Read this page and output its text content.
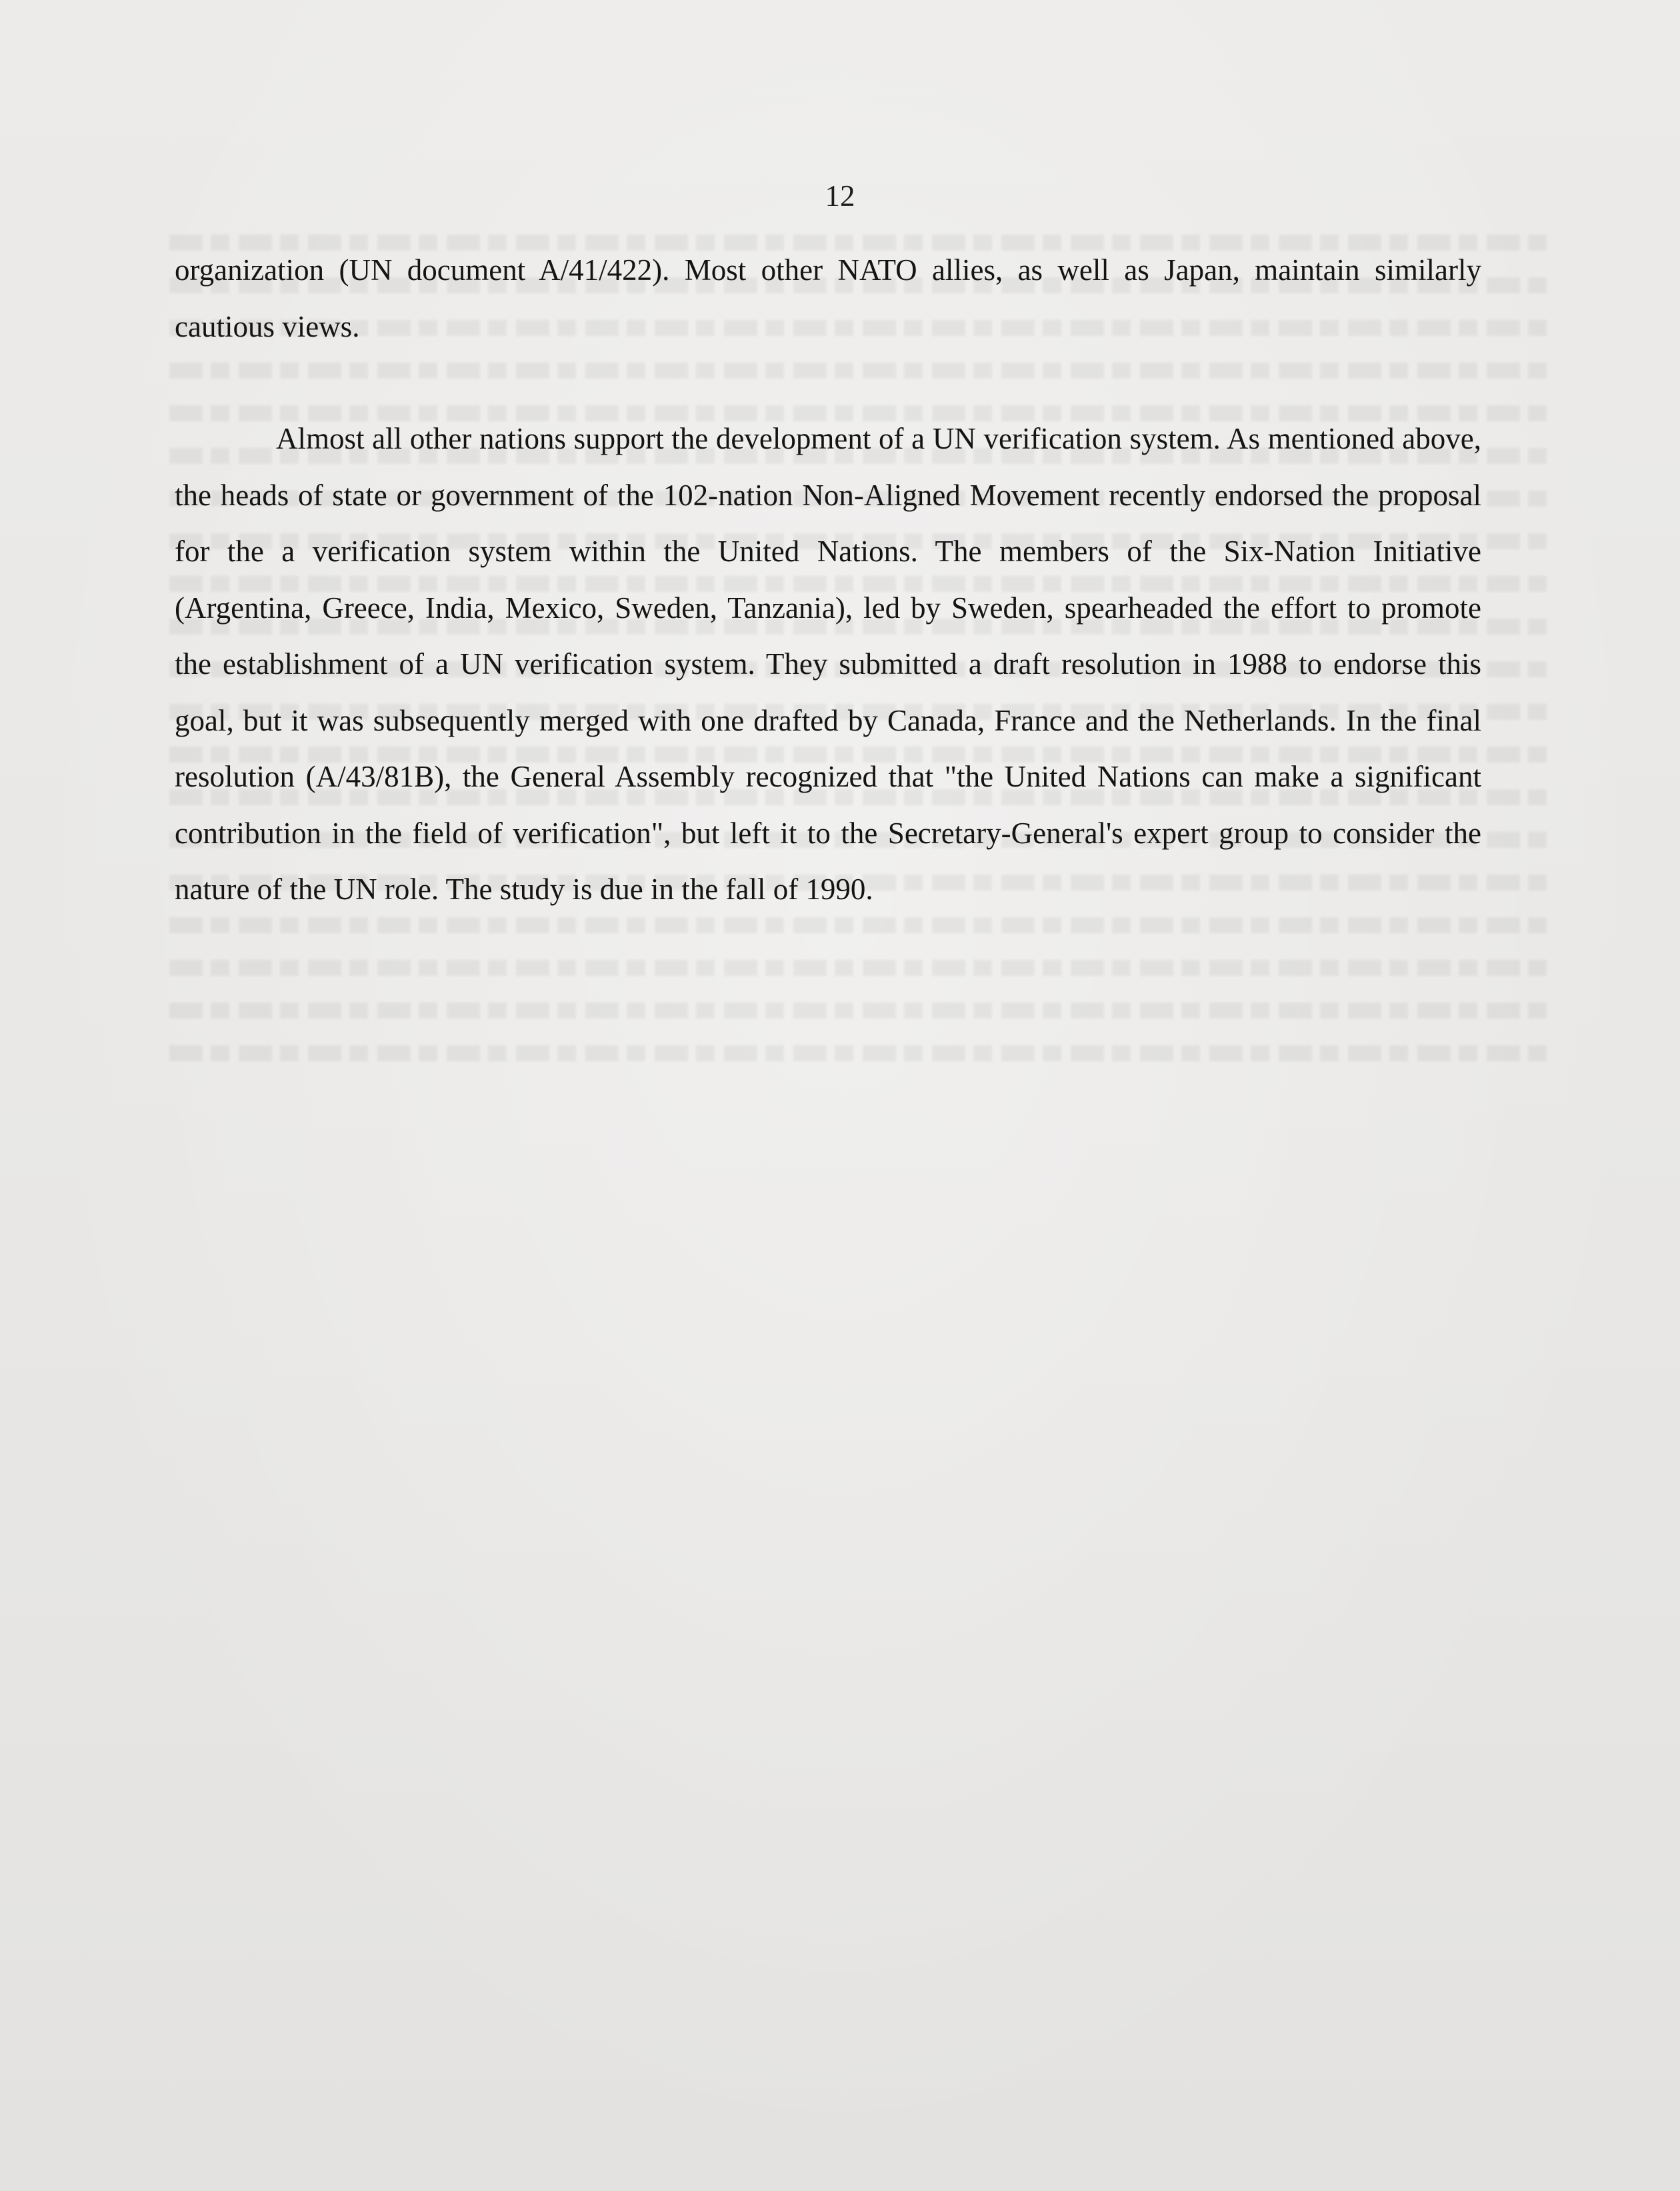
12

organization (UN document A/41/422). Most other NATO allies, as well as Japan, maintain similarly cautious views.

Almost all other nations support the development of a UN verification system. As mentioned above, the heads of state or government of the 102-nation Non-Aligned Movement recently endorsed the proposal for the a verification system within the United Nations. The members of the Six-Nation Initiative (Argentina, Greece, India, Mexico, Sweden, Tanzania), led by Sweden, spearheaded the effort to promote the establishment of a UN verification system. They submitted a draft resolution in 1988 to endorse this goal, but it was subsequently merged with one drafted by Canada, France and the Netherlands. In the final resolution (A/43/81B), the General Assembly recognized that "the United Nations can make a significant contribution in the field of verification", but left it to the Secretary-General's expert group to consider the nature of the UN role. The study is due in the fall of 1990.
